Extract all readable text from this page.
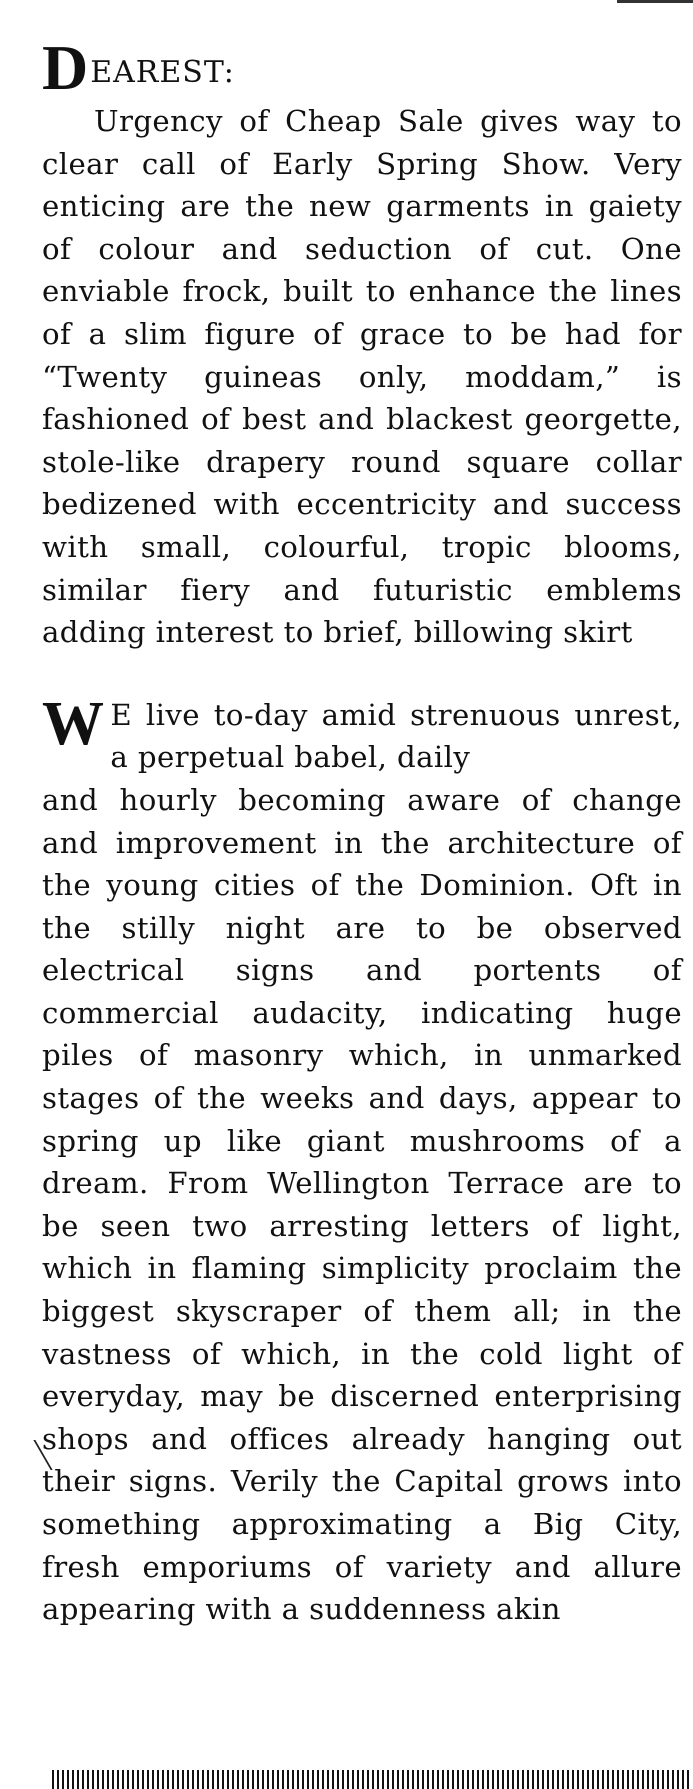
D EAREST:

Urgency of Cheap Sale gives way to clear call of Early Spring Show. Very enticing are the new garments in gaiety of colour and seduction of cut. One enviable frock, built to enhance the lines of a slim figure of grace to be had for “Twenty guineas only, moddam,” is fashioned of best and blackest georgette, stole-like drapery round square collar bedizened with eccentricity and success with small, colourful, tropic blooms, similar fiery and futuristic emblems adding interest to brief, billowing skirt

W E live to-day amid strenuous unrest, a perpetual babel, daily

and hourly becoming aware of change and improvement in the architecture of the young cities of the Dominion. Oft in the stilly night are to be observed electrical signs and portents of commercial audacity, indicating huge piles of masonry which, in unmarked stages of the weeks and days, appear to spring up like giant mushrooms of a dream. From Wellington Terrace are to be seen two arresting letters of light, which in flaming simplicity proclaim the biggest skyscraper of them all; in the vastness of which, in the cold light of everyday, may be discerned enterprising shops and offices already hanging out their signs. Verily the Capital grows into something approximating a Big City, fresh emporiums of variety and allure appearing with a suddenness akin
